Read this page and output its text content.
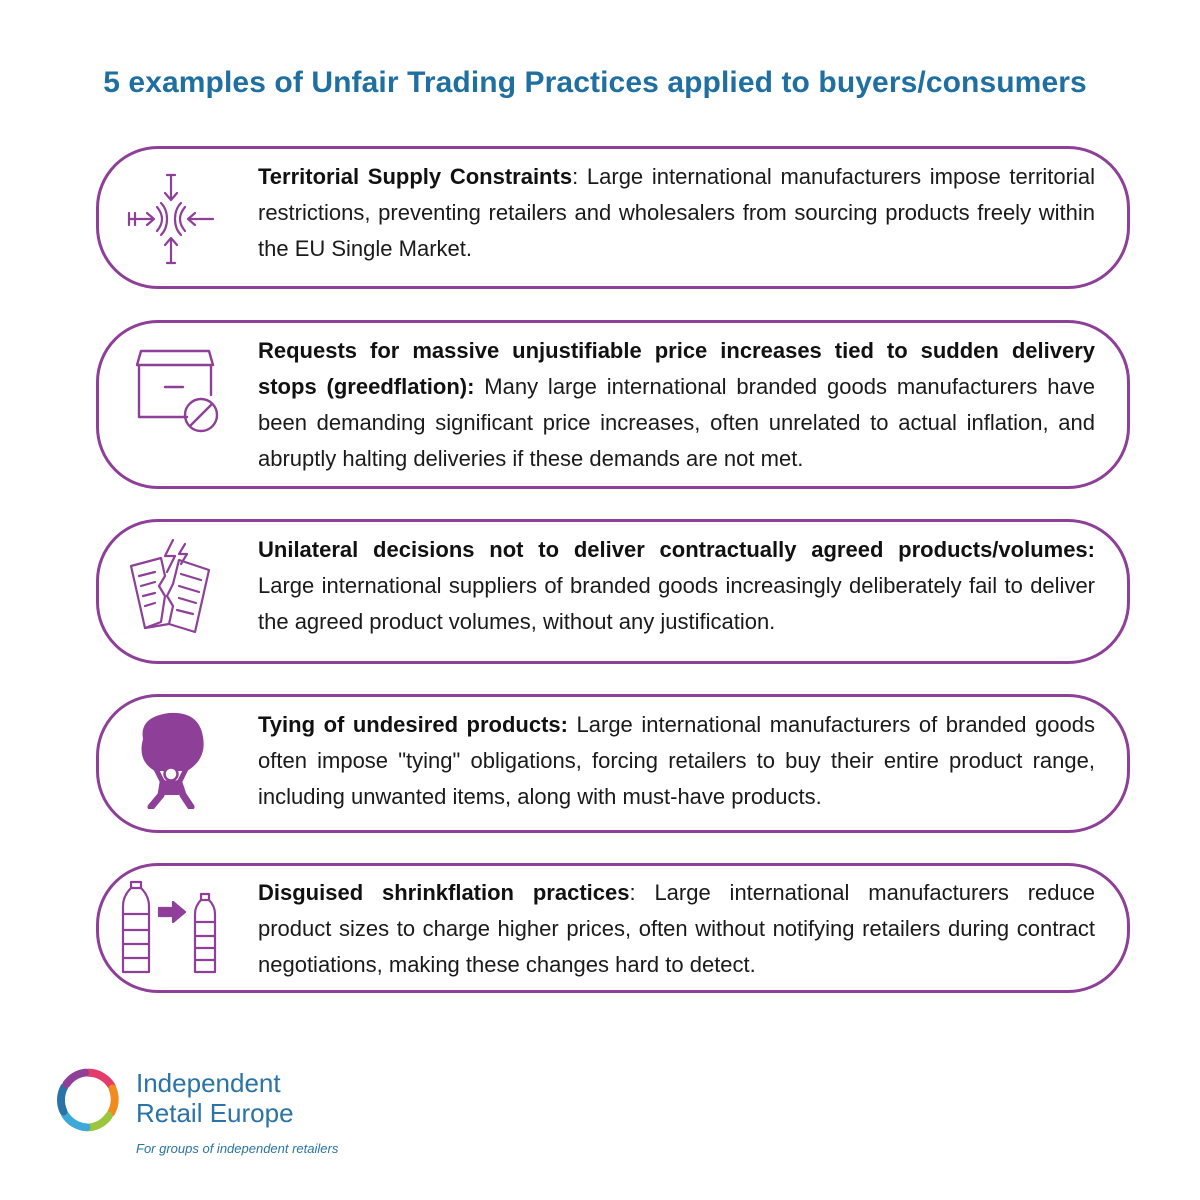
5 examples of Unfair Trading Practices applied to buyers/consumers
Territorial Supply Constraints: Large international manufacturers impose territorial restrictions, preventing retailers and wholesalers from sourcing products freely within the EU Single Market.
Requests for massive unjustifiable price increases tied to sudden delivery stops (greedflation): Many large international branded goods manufacturers have been demanding significant price increases, often unrelated to actual inflation, and abruptly halting deliveries if these demands are not met.
Unilateral decisions not to deliver contractually agreed products/volumes: Large international suppliers of branded goods increasingly deliberately fail to deliver the agreed product volumes, without any justification.
Tying of undesired products: Large international manufacturers of branded goods often impose "tying" obligations, forcing retailers to buy their entire product range, including unwanted items, along with must-have products.
Disguised shrinkflation practices: Large international manufacturers reduce product sizes to charge higher prices, often without notifying retailers during contract negotiations, making these changes hard to detect.
Independent
Retail Europe
For groups of independent retailers
